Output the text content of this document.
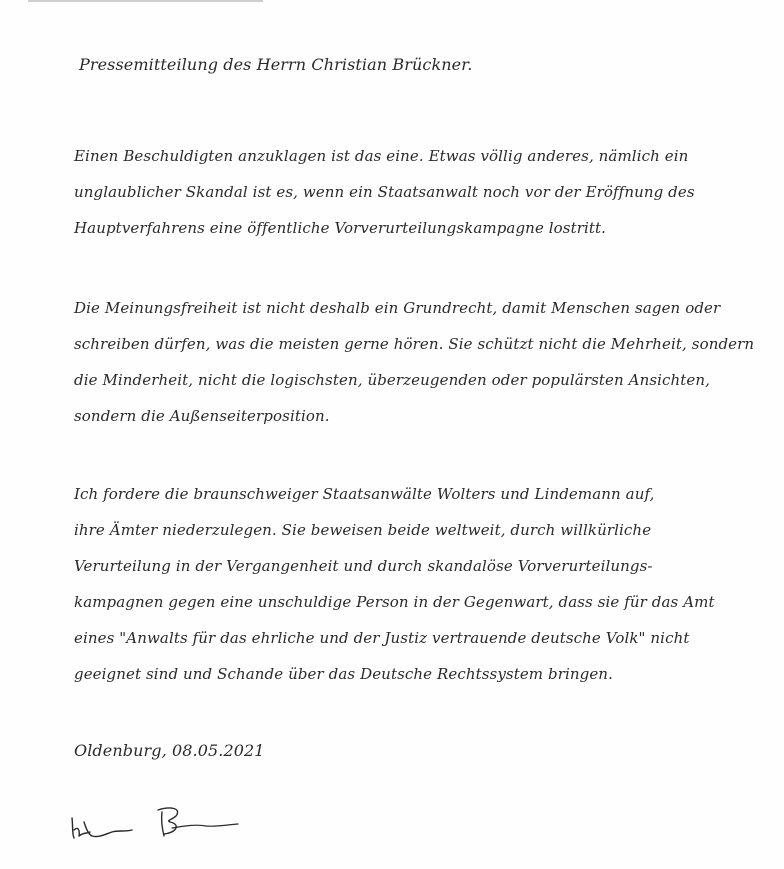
Pressemitteilung des Herrn Christian Brückner.
Einen Beschuldigten anzuklagen ist das eine. Etwas völlig anderes, nämlich ein
unglaublicher Skandal ist es, wenn ein Staatsanwalt noch vor der Eröffnung des
Hauptverfahrens eine öffentliche Vorverurteilungskampagne lostritt.
Die Meinungsfreiheit ist nicht deshalb ein Grundrecht, damit Menschen sagen oder
schreiben dürfen, was die meisten gerne hören. Sie schützt nicht die Mehrheit, sondern
die Minderheit, nicht die logischsten, überzeugenden oder populärsten Ansichten,
sondern die Außenseiterposition.
Ich fordere die braunschweiger Staatsanwälte Wolters und Lindemann auf,
ihre Ämter niederzulegen. Sie beweisen beide weltweit, durch willkürliche
Verurteilung in der Vergangenheit und durch skandalöse Vorverurteilungs-
kampagnen gegen eine unschuldige Person in der Gegenwart, dass sie für das Amt
eines "Anwalts für das ehrliche und der Justiz vertrauende deutsche Volk" nicht
geeignet sind und Schande über das Deutsche Rechtssystem bringen.
Oldenburg, 08.05.2021
